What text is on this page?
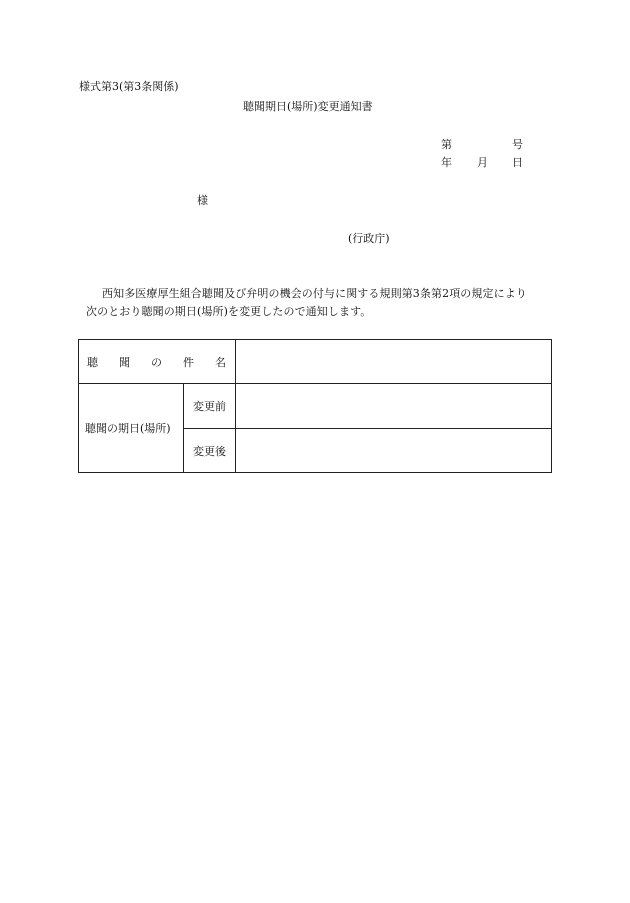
様式第3(第3条関係)
聴聞期日(場所)変更通知書
第	号
年 月 日
様
(行政庁)
西知多医療厚生組合聴聞及び弁明の機会の付与に関する規則第3条第2項の規定により
次のとおり聴聞の期日(場所)を変更したので通知します。
聴 聞 の 件 名		

聴聞の期日(場所)	変更前	
	変更後	
